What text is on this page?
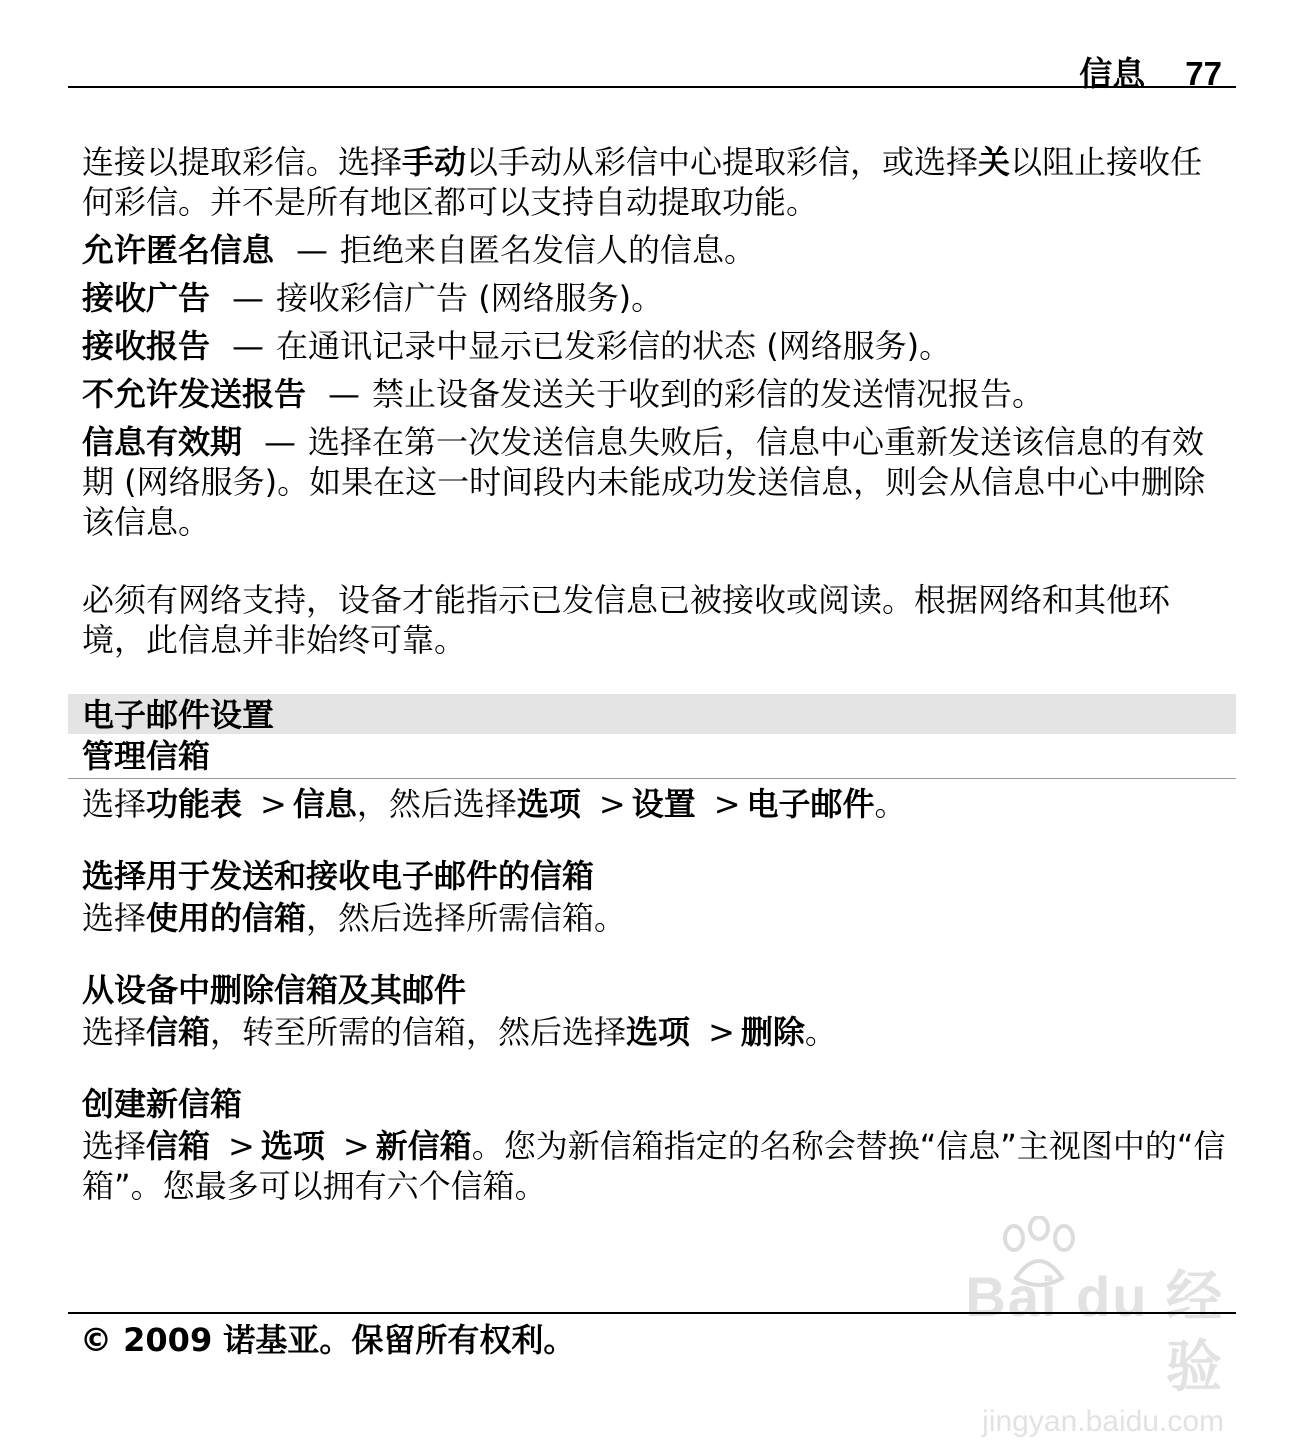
信息 77

连接以提取彩信。选择手动以手动从彩信中心提取彩信，或选择关以阻止接收任何彩信。并不是所有地区都可以支持自动提取功能。

允许匿名信息 — 拒绝来自匿名发信人的信息。

接收广告 — 接收彩信广告 (网络服务)。

接收报告 — 在通讯记录中显示已发彩信的状态 (网络服务)。

不允许发送报告 — 禁止设备发送关于收到的彩信的发送情况报告。

信息有效期 — 选择在第一次发送信息失败后，信息中心重新发送该信息的有效期 (网络服务)。如果在这一时间段内未能成功发送信息，则会从信息中心中删除该信息。

必须有网络支持，设备才能指示已发信息已被接收或阅读。根据网络和其他环境，此信息并非始终可靠。

电子邮件设置
管理信箱

选择功能表 > 信息，然后选择选项 > 设置 > 电子邮件。

选择用于发送和接收电子邮件的信箱

选择使用的信箱，然后选择所需信箱。

从设备中删除信箱及其邮件

选择信箱，转至所需的信箱，然后选择选项 > 删除。

创建新信箱

选择信箱 > 选项 > 新信箱。您为新信箱指定的名称会替换“信息”主视图中的“信箱”。您最多可以拥有六个信箱。

Bai du 经验
jingyan.baidu.com
© 2009 诺基亚。保留所有权利。
